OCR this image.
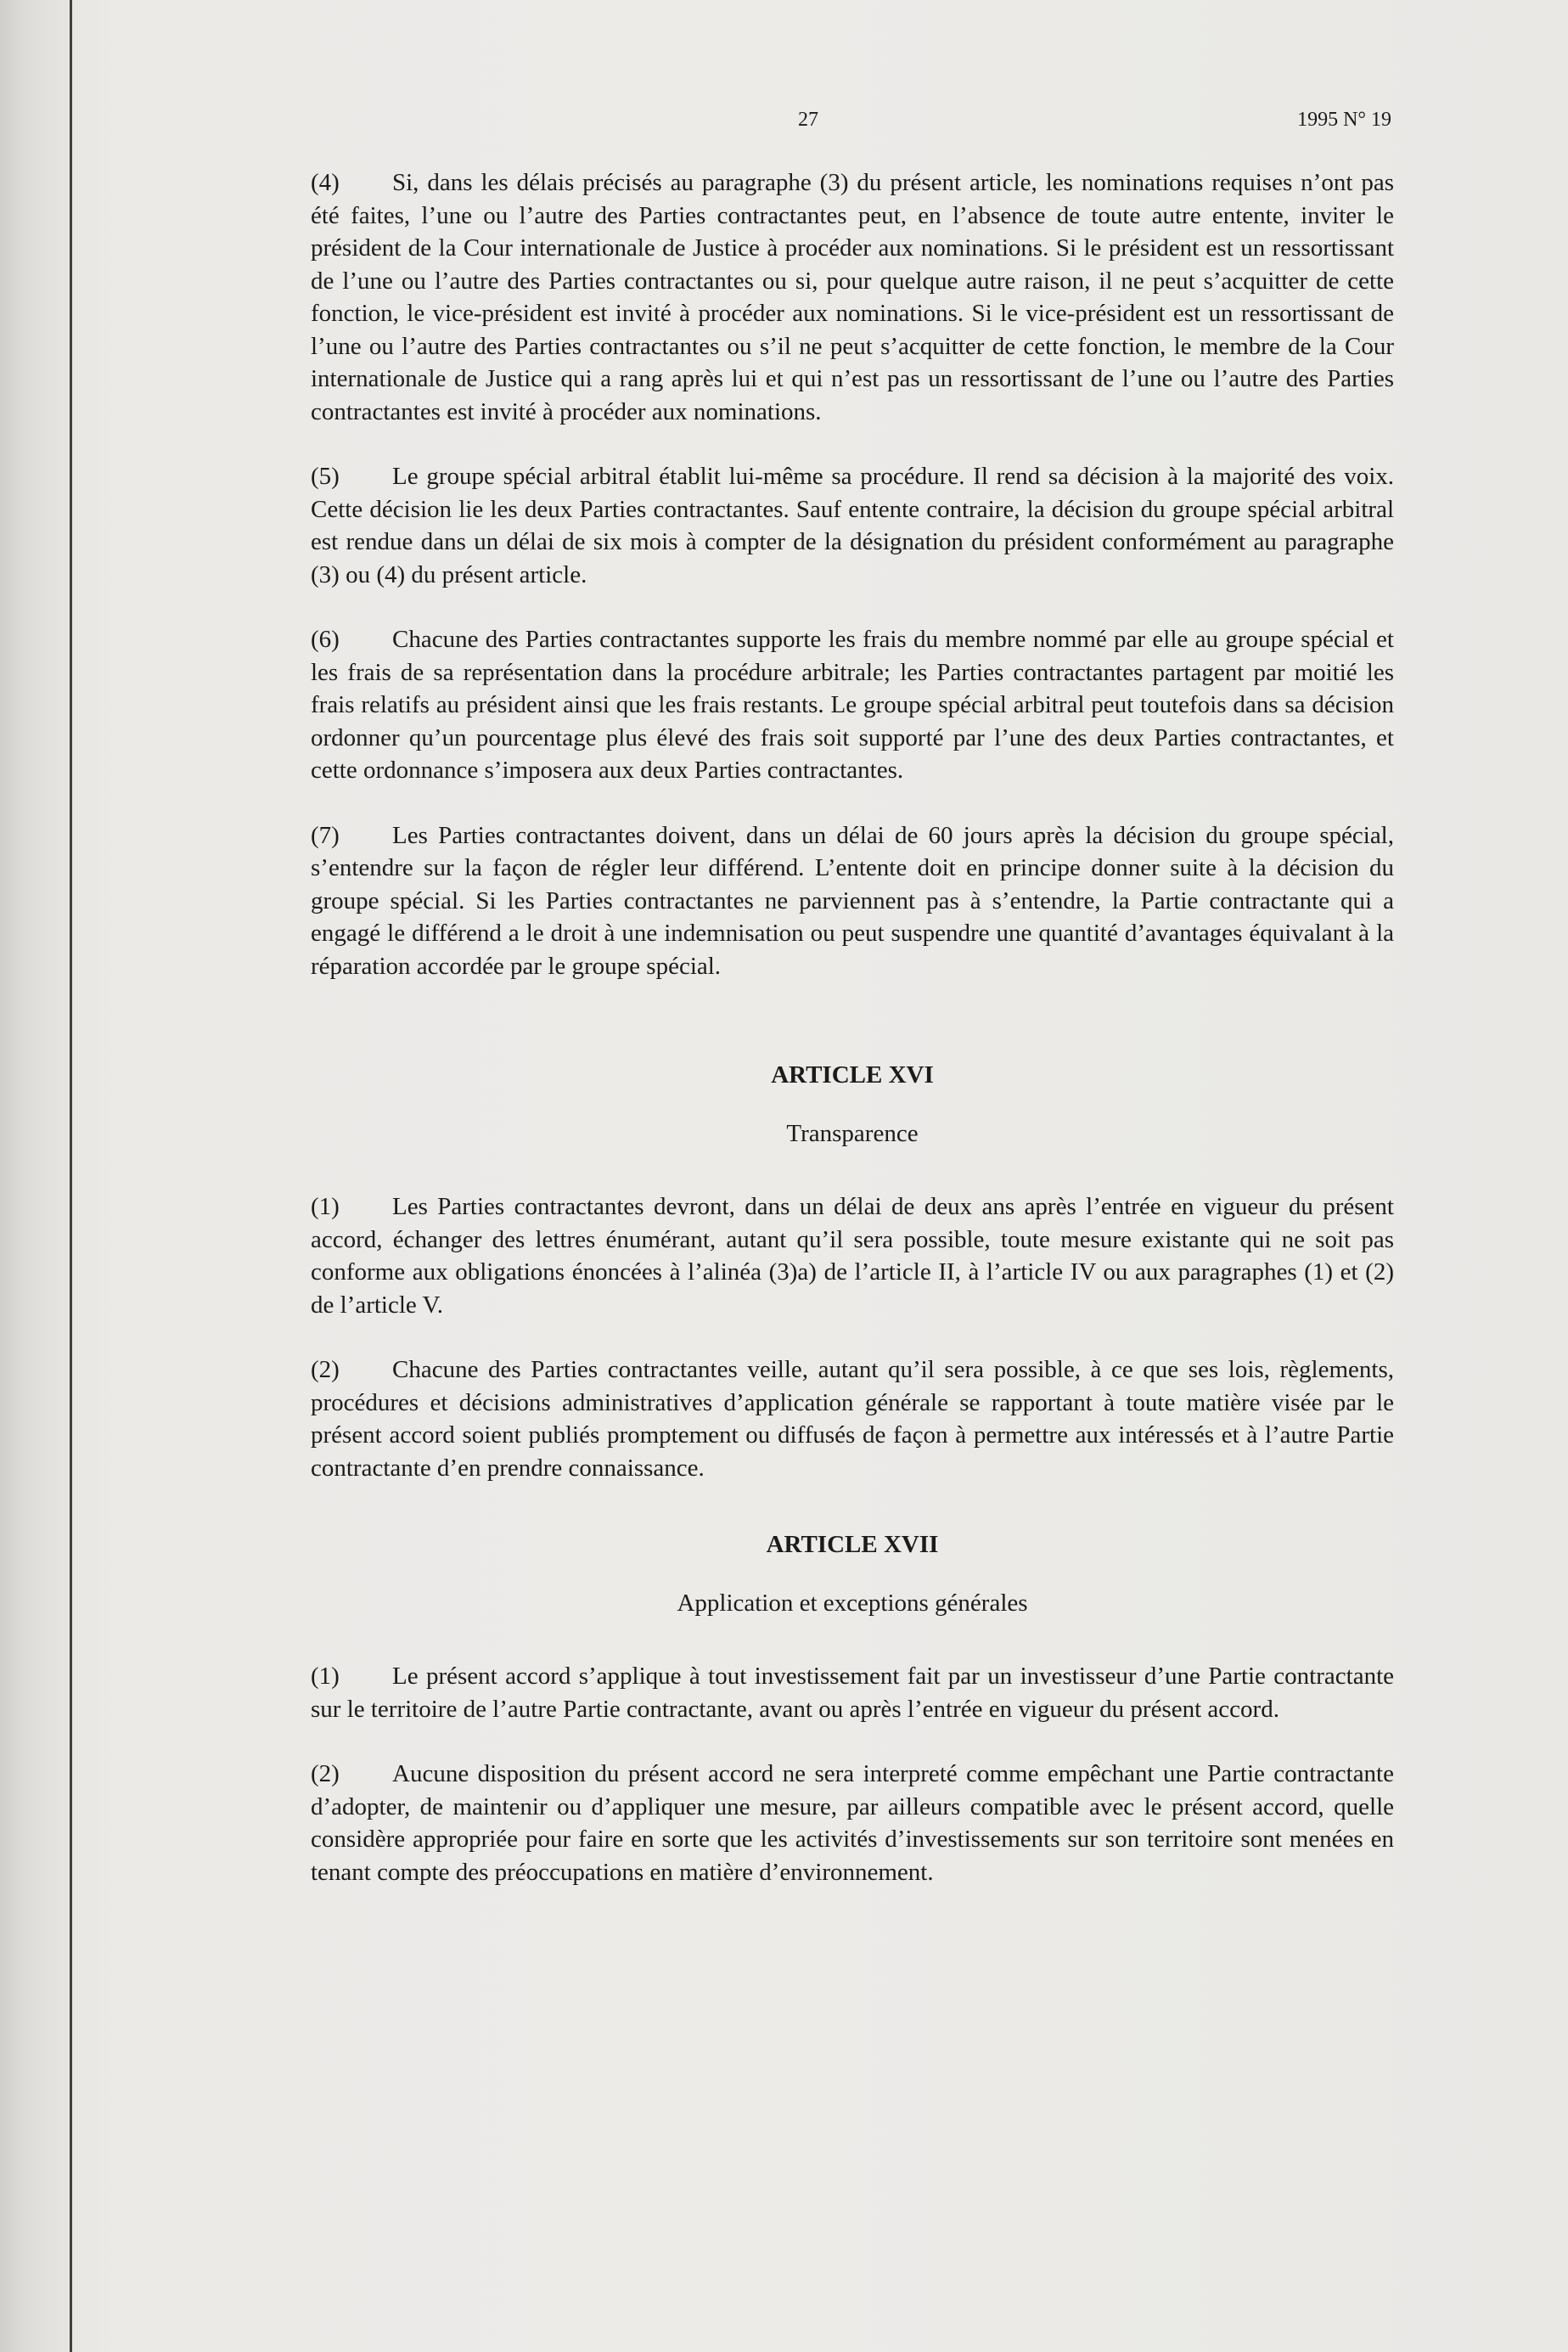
27	1995 N° 19

(4) Si, dans les délais précisés au paragraphe (3) du présent article, les nominations requises n’ont pas été faites, l’une ou l’autre des Parties contractantes peut, en l’absence de toute autre entente, inviter le président de la Cour internationale de Justice à procéder aux nominations. Si le président est un ressortissant de l’une ou l’autre des Parties contractantes ou si, pour quelque autre raison, il ne peut s’acquitter de cette fonction, le vice-président est invité à procéder aux nominations. Si le vice-président est un ressortissant de l’une ou l’autre des Parties contractantes ou s’il ne peut s’acquitter de cette fonction, le membre de la Cour internationale de Justice qui a rang après lui et qui n’est pas un ressortissant de l’une ou l’autre des Parties contractantes est invité à procéder aux nominations.

(5) Le groupe spécial arbitral établit lui-même sa procédure. Il rend sa décision à la majorité des voix. Cette décision lie les deux Parties contractantes. Sauf entente contraire, la décision du groupe spécial arbitral est rendue dans un délai de six mois à compter de la désignation du président conformément au paragraphe (3) ou (4) du présent article.

(6) Chacune des Parties contractantes supporte les frais du membre nommé par elle au groupe spécial et les frais de sa représentation dans la procédure arbitrale; les Parties contractantes partagent par moitié les frais relatifs au président ainsi que les frais restants. Le groupe spécial arbitral peut toutefois dans sa décision ordonner qu’un pourcentage plus élevé des frais soit supporté par l’une des deux Parties contractantes, et cette ordonnance s’imposera aux deux Parties contractantes.

(7) Les Parties contractantes doivent, dans un délai de 60 jours après la décision du groupe spécial, s’entendre sur la façon de régler leur différend. L’entente doit en principe donner suite à la décision du groupe spécial. Si les Parties contractantes ne parviennent pas à s’entendre, la Partie contractante qui a engagé le différend a le droit à une indemnisation ou peut suspendre une quantité d’avantages équivalant à la réparation accordée par le groupe spécial.

ARTICLE XVI
Transparence

(1) Les Parties contractantes devront, dans un délai de deux ans après l’entrée en vigueur du présent accord, échanger des lettres énumérant, autant qu’il sera possible, toute mesure existante qui ne soit pas conforme aux obligations énoncées à l’alinéa (3)a) de l’article II, à l’article IV ou aux paragraphes (1) et (2) de l’article V.

(2) Chacune des Parties contractantes veille, autant qu’il sera possible, à ce que ses lois, règlements, procédures et décisions administratives d’application générale se rapportant à toute matière visée par le présent accord soient publiés promptement ou diffusés de façon à permettre aux intéressés et à l’autre Partie contractante d’en prendre connaissance.

ARTICLE XVII
Application et exceptions générales

(1) Le présent accord s’applique à tout investissement fait par un investisseur d’une Partie contractante sur le territoire de l’autre Partie contractante, avant ou après l’entrée en vigueur du présent accord.

(2) Aucune disposition du présent accord ne sera interpreté comme empêchant une Partie contractante d’adopter, de maintenir ou d’appliquer une mesure, par ailleurs compatible avec le présent accord, quelle considère appropriée pour faire en sorte que les activités d’investissements sur son territoire sont menées en tenant compte des préoccupations en matière d’environnement.
